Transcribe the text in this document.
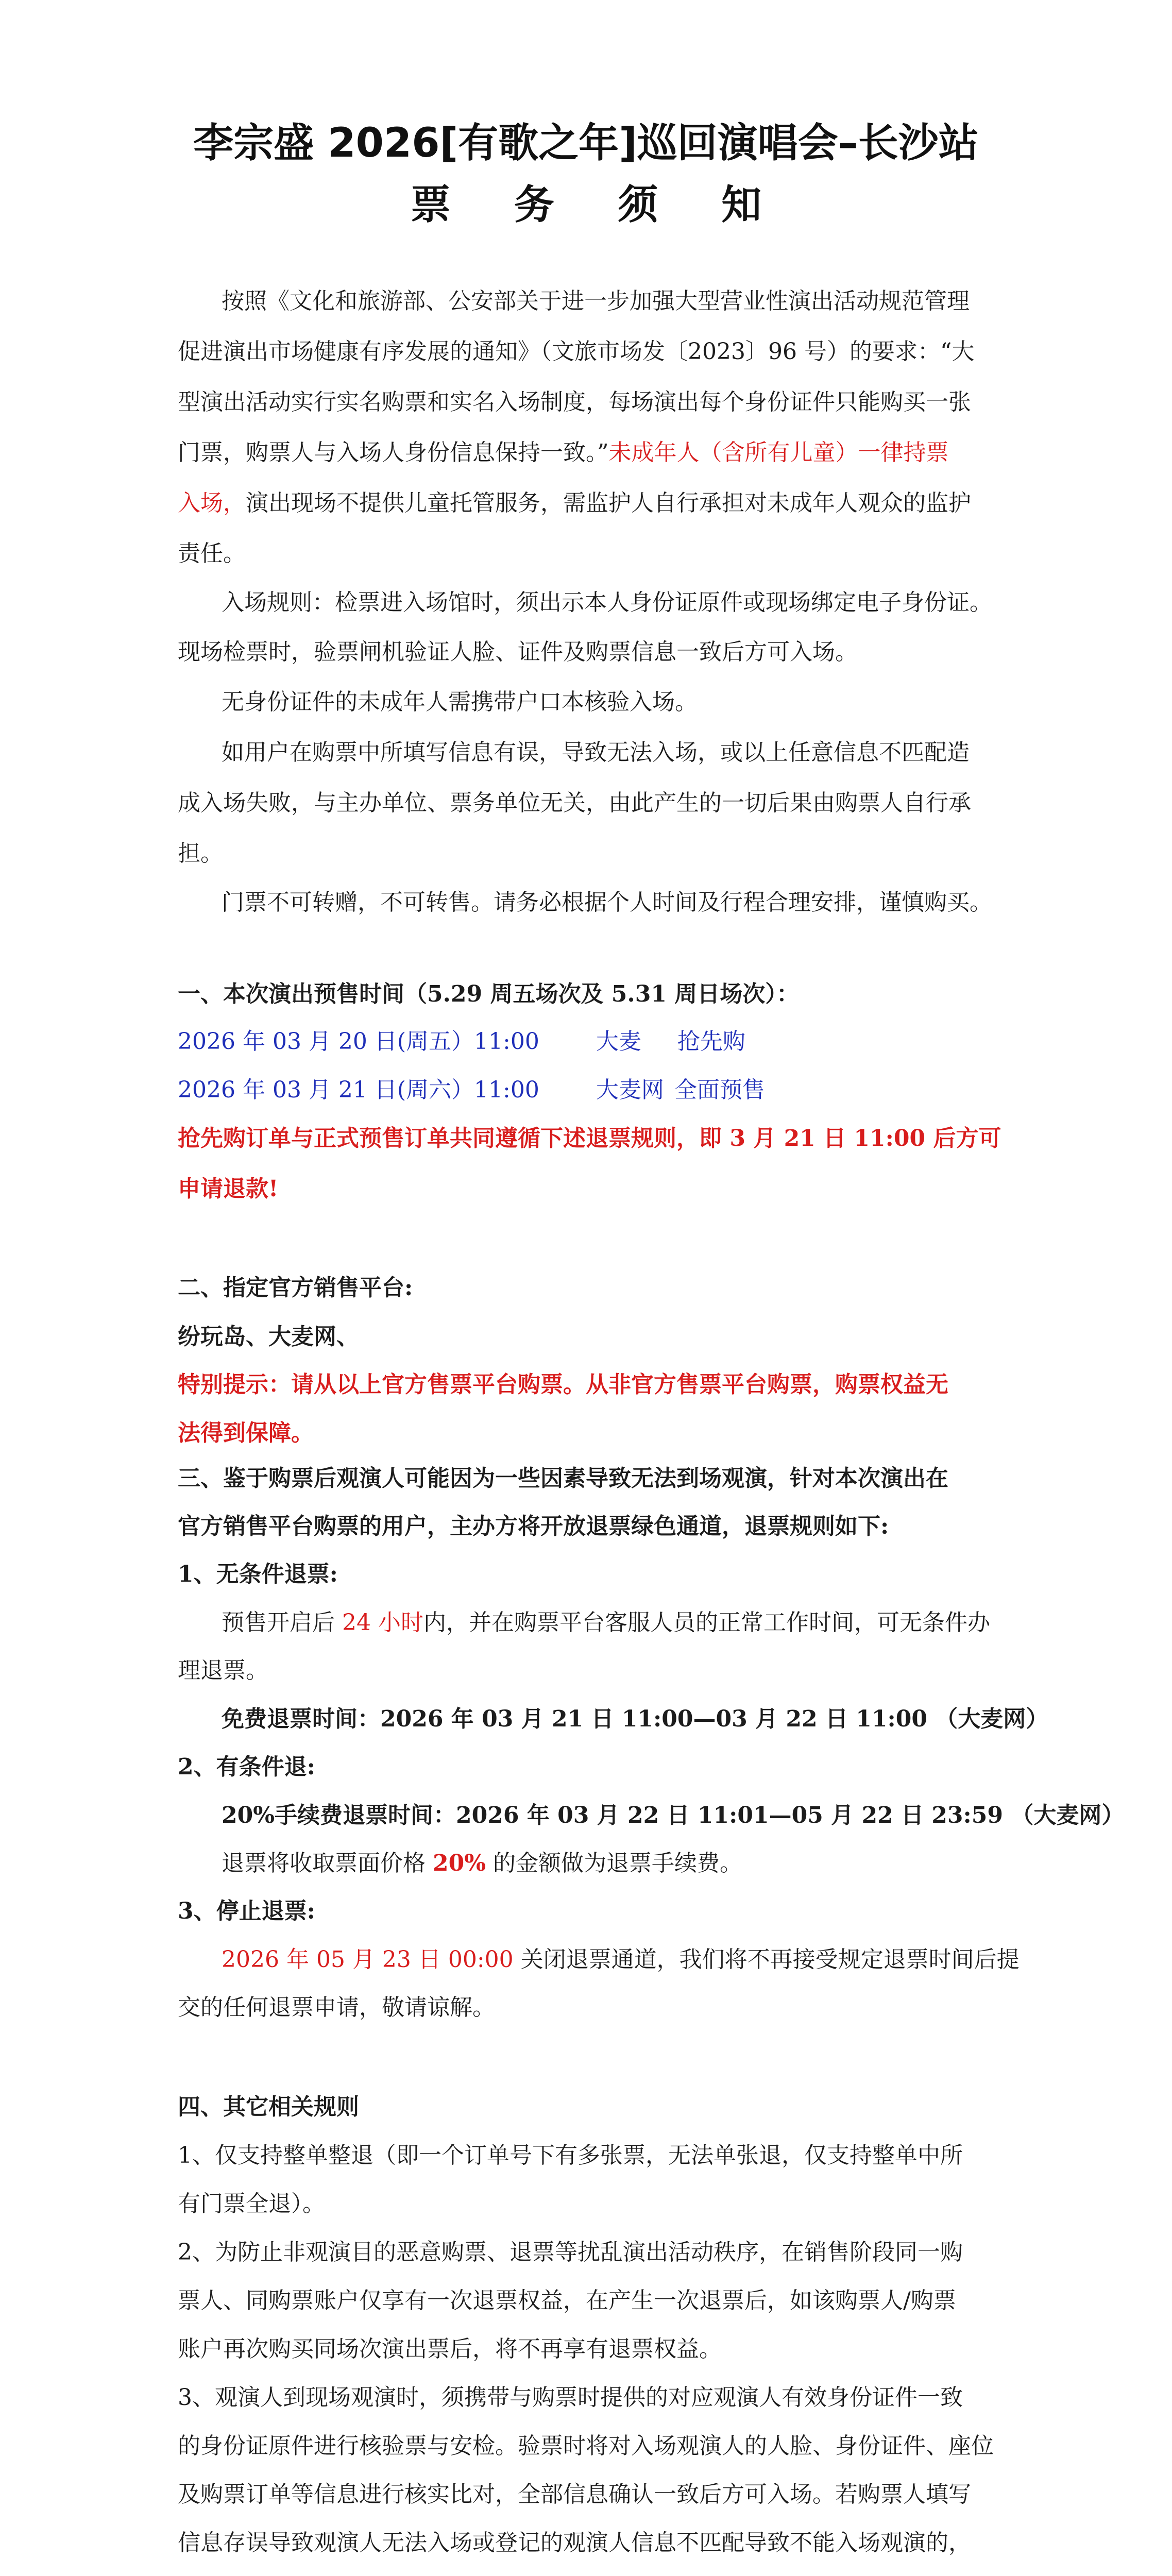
李宗盛 2026[有歌之年]巡回演唱会–长沙站
票 务 须 知
按照《文化和旅游部、公安部关于进一步加强大型营业性演出活动规范管理
促进演出市场健康有序发展的通知》（文旅市场发〔2023〕96 号）的要求：“大
型演出活动实行实名购票和实名入场制度，每场演出每个身份证件只能购买一张
门票，购票人与入场人身份信息保持一致。”未成年人（含所有儿童）一律持票
入场，演出现场不提供儿童托管服务，需监护人自行承担对未成年人观众的监护
责任。
入场规则：检票进入场馆时，须出示本人身份证原件或现场绑定电子身份证。
现场检票时，验票闸机验证人脸、证件及购票信息一致后方可入场。
无身份证件的未成年人需携带户口本核验入场。
如用户在购票中所填写信息有误，导致无法入场，或以上任意信息不匹配造
成入场失败，与主办单位、票务单位无关，由此产生的一切后果由购票人自行承
担。
门票不可转赠，不可转售。请务必根据个人时间及行程合理安排，谨慎购买。
一、本次演出预售时间（5.29 周五场次及 5.31 周日场次）：
2026 年 03 月 20 日(周五）11:00	大麦 抢先购
2026 年 03 月 21 日(周六）11:00	大麦网 全面预售
抢先购订单与正式预售订单共同遵循下述退票规则，即 3 月 21 日 11:00 后方可
申请退款!
二、指定官方销售平台:
纷玩岛、大麦网、
特别提示：请从以上官方售票平台购票。从非官方售票平台购票，购票权益无
法得到保障。
三、鉴于购票后观演人可能因为一些因素导致无法到场观演，针对本次演出在
官方销售平台购票的用户，主办方将开放退票绿色通道，退票规则如下:
1、无条件退票:
预售开启后 24 小时内，并在购票平台客服人员的正常工作时间，可无条件办
理退票。
免费退票时间：2026 年 03 月 21 日 11:00—03 月 22 日 11:00 （大麦网）
2、有条件退:
20%手续费退票时间：2026 年 03 月 22 日 11:01—05 月 22 日 23:59 （大麦网）
退票将收取票面价格 20% 的金额做为退票手续费。
3、停止退票:
2026 年 05 月 23 日 00:00 关闭退票通道，我们将不再接受规定退票时间后提
交的任何退票申请，敬请谅解。
四、其它相关规则
1、仅支持整单整退（即一个订单号下有多张票，无法单张退，仅支持整单中所
有门票全退）。
2、为防止非观演目的恶意购票、退票等扰乱演出活动秩序，在销售阶段同一购
票人、同购票账户仅享有一次退票权益，在产生一次退票后，如该购票人/购票
账户再次购买同场次演出票后，将不再享有退票权益。
3、观演人到现场观演时，须携带与购票时提供的对应观演人有效身份证件一致
的身份证原件进行核验票与安检。验票时将对入场观演人的人脸、身份证件、座位
及购票订单等信息进行核实比对，全部信息确认一致后方可入场。若购票人填写
信息存误导致观演人无法入场或登记的观演人信息不匹配导致不能入场观演的，
